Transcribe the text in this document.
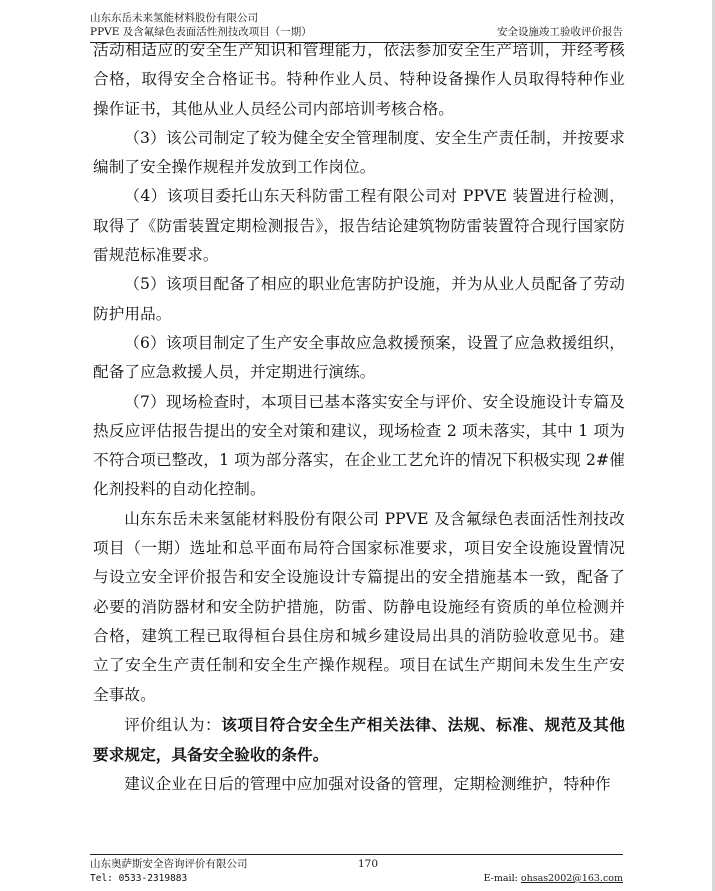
山东东岳未来氢能材料股份有限公司
PPVE 及含氟绿色表面活性剂技改项目（一期）	安全设施竣工验收评价报告

活动相适应的安全生产知识和管理能力，依法参加安全生产培训，并经考核合格，取得安全合格证书。特种作业人员、特种设备操作人员取得特种作业操作证书，其他从业人员经公司内部培训考核合格。

（3）该公司制定了较为健全安全管理制度、安全生产责任制，并按要求编制了安全操作规程并发放到工作岗位。

（4）该项目委托山东天科防雷工程有限公司对 PPVE 装置进行检测，取得了《防雷装置定期检测报告》，报告结论建筑物防雷装置符合现行国家防雷规范标准要求。

（5）该项目配备了相应的职业危害防护设施，并为从业人员配备了劳动防护用品。

（6）该项目制定了生产安全事故应急救援预案，设置了应急救援组织，配备了应急救援人员，并定期进行演练。

（7）现场检查时，本项目已基本落实安全与评价、安全设施设计专篇及热反应评估报告提出的安全对策和建议，现场检查 2 项未落实，其中 1 项为不符合项已整改，1 项为部分落实，在企业工艺允许的情况下积极实现 2#催化剂投料的自动化控制。

山东东岳未来氢能材料股份有限公司 PPVE 及含氟绿色表面活性剂技改项目（一期）选址和总平面布局符合国家标准要求，项目安全设施设置情况与设立安全评价报告和安全设施设计专篇提出的安全措施基本一致，配备了必要的消防器材和安全防护措施，防雷、防静电设施经有资质的单位检测并合格，建筑工程已取得桓台县住房和城乡建设局出具的消防验收意见书。建立了安全生产责任制和安全生产操作规程。项目在试生产期间未发生生产安全事故。

评价组认为：该项目符合安全生产相关法律、法规、标准、规范及其他要求规定，具备安全验收的条件。

建议企业在日后的管理中应加强对设备的管理，定期检测维护，特种作

山东奥萨斯安全咨询评价有限公司	170
Tel: 0533-2319883	E-mail: ohsas2002@163.com
